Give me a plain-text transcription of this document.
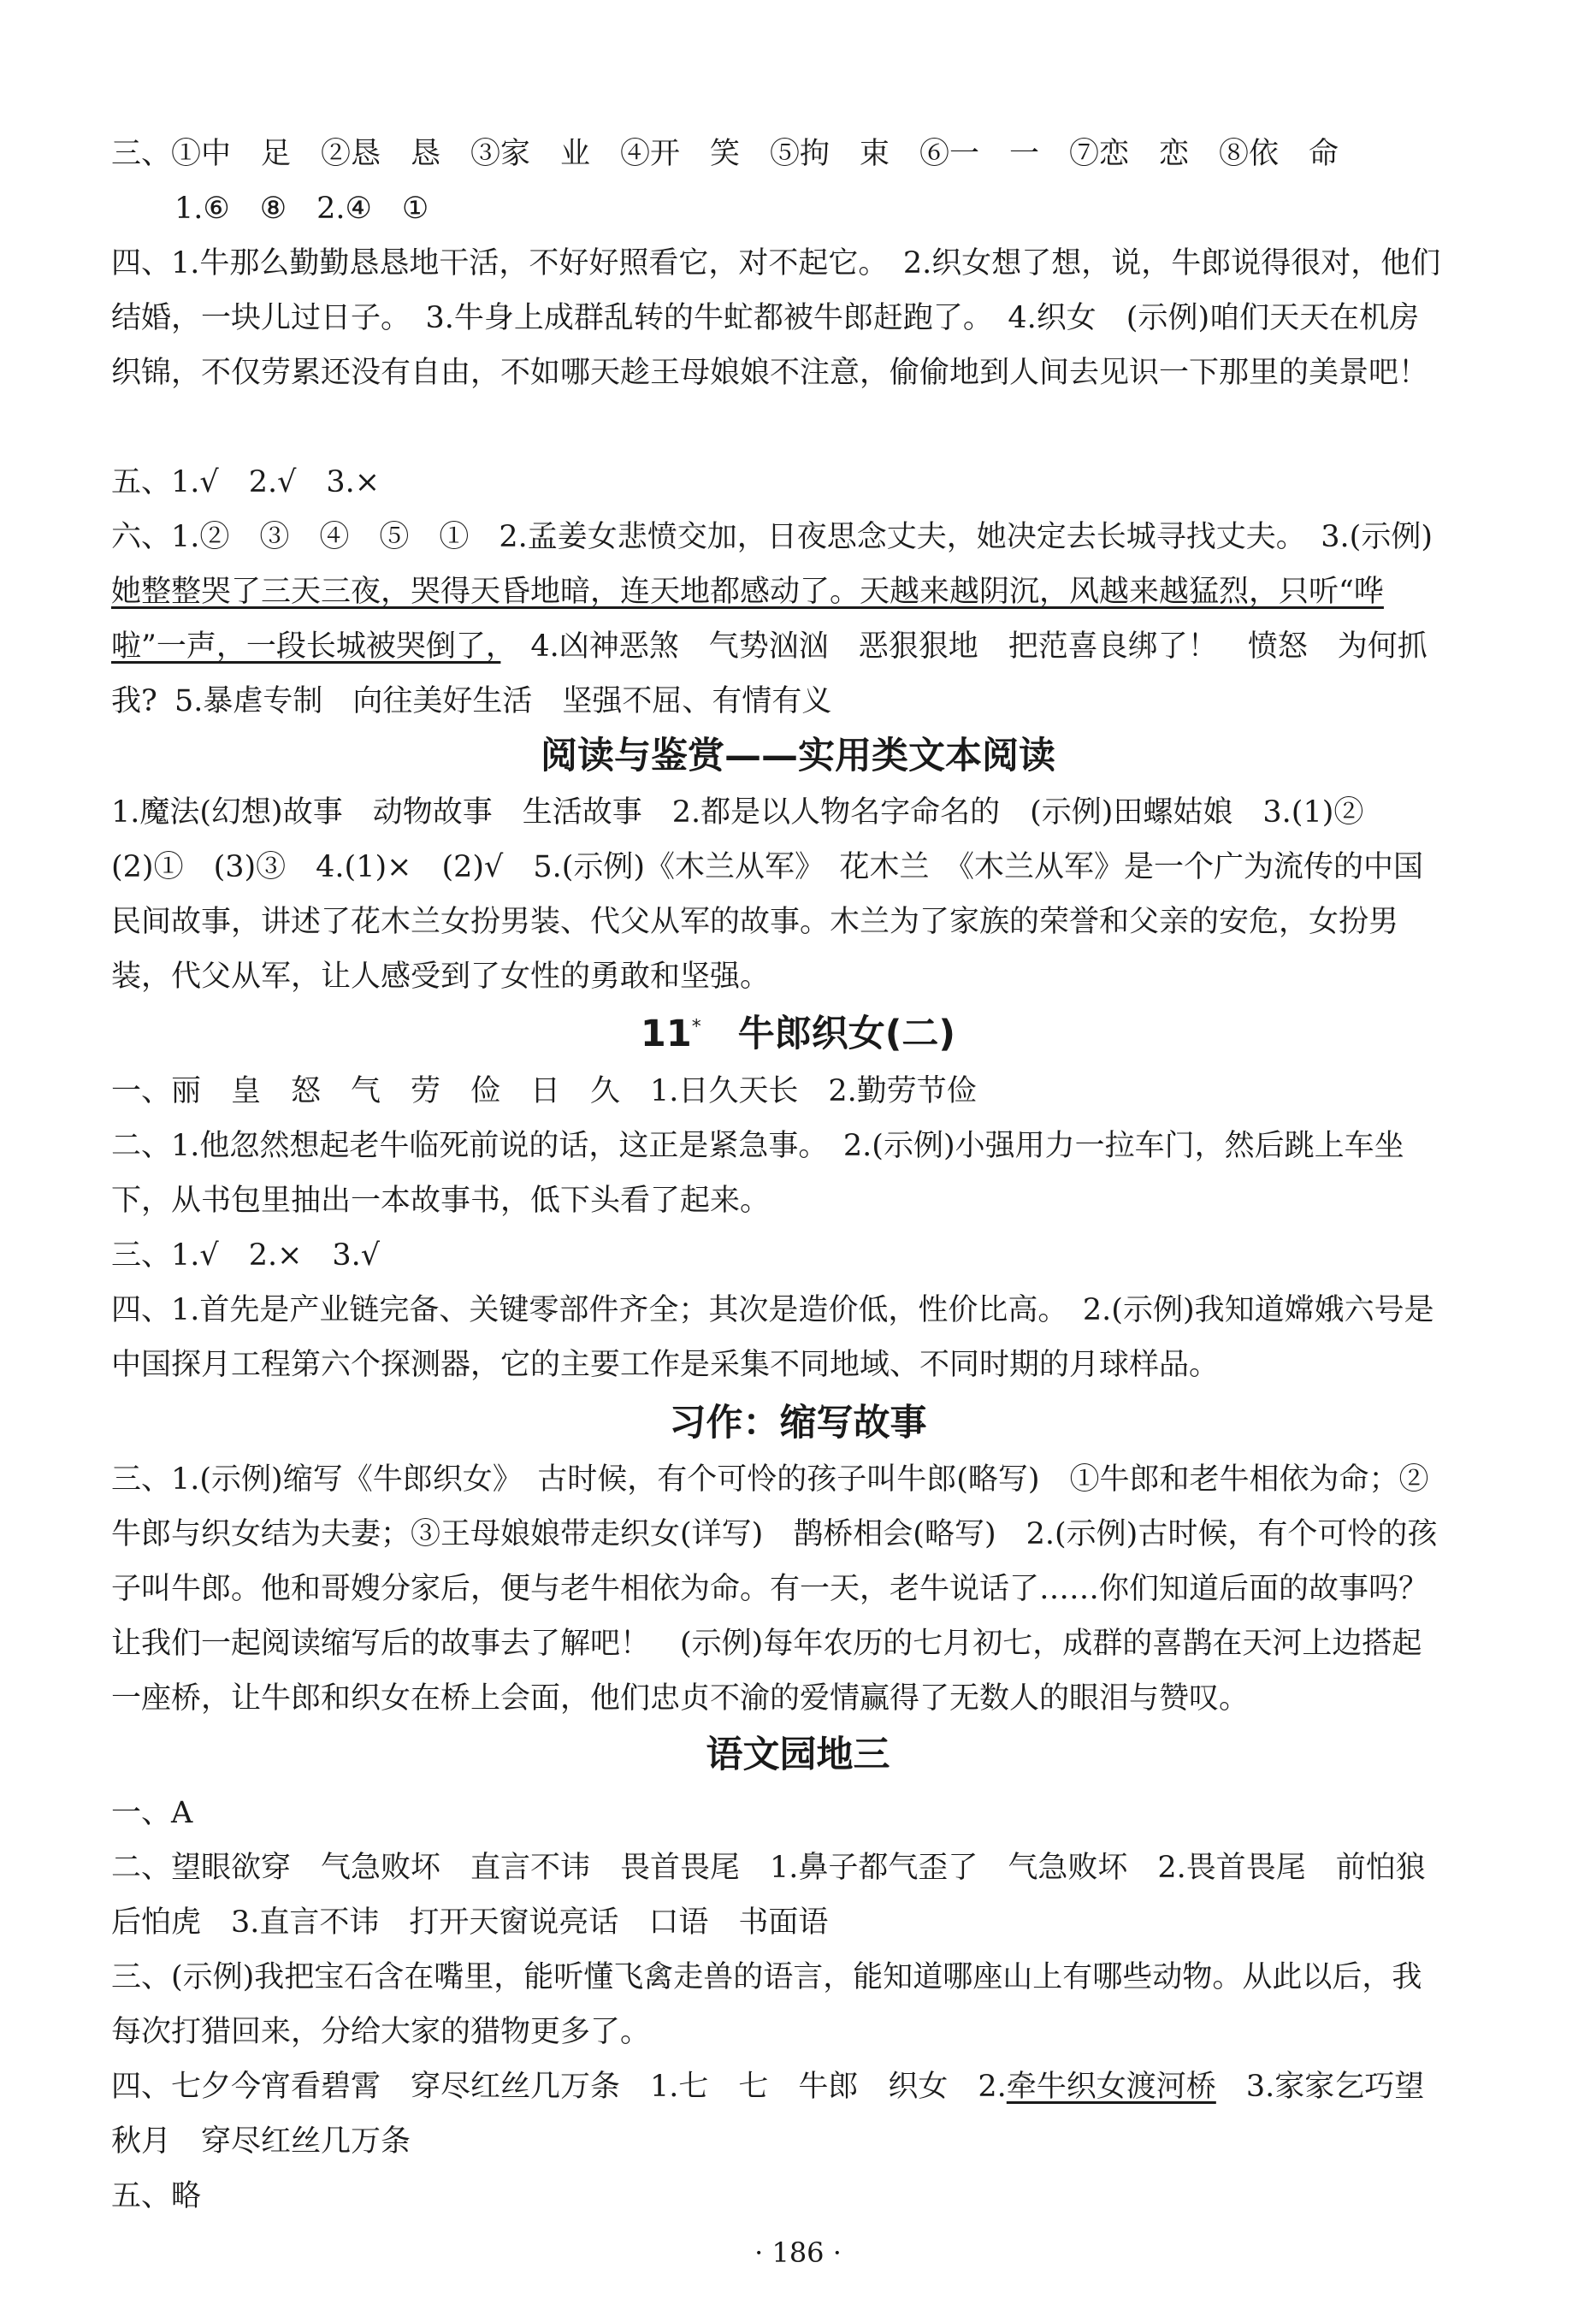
三、①中　足　②恳　恳　③家　业　④开　笑　⑤拘　束　⑥一　一　⑦恋　恋　⑧依　命

1.⑥　⑧　2.④　①

四、1.牛那么勤勤恳恳地干活，不好好照看它，对不起它。　2.织女想了想，说，牛郎说得很对，他们结婚，一块儿过日子。　3.牛身上成群乱转的牛虻都被牛郎赶跑了。　4.织女　(示例)咱们天天在机房织锦，不仅劳累还没有自由，不如哪天趁王母娘娘不注意，偷偷地到人间去见识一下那里的美景吧！

五、1.√　2.√　3.×

六、1.②　③　④　⑤　①　2.孟姜女悲愤交加，日夜思念丈夫，她决定去长城寻找丈夫。　3.(示例)她整整哭了三天三夜，哭得天昏地暗，连天地都感动了。天越来越阴沉，风越来越猛烈，只听“哗啦”一声，一段长城被哭倒了，　4.凶神恶煞　气势汹汹　恶狠狠地　把范喜良绑了！　愤怒　为何抓我? 5.暴虐专制　向往美好生活　坚强不屈、有情有义

阅读与鉴赏——实用类文本阅读

1.魔法(幻想)故事　动物故事　生活故事　2.都是以人物名字命名的　(示例)田螺姑娘　3.(1)②　(2)①　(3)③　4.(1)×　(2)√　5.(示例)《木兰从军》　花木兰　《木兰从军》是一个广为流传的中国民间故事，讲述了花木兰女扮男装、代父从军的故事。木兰为了家族的荣誉和父亲的安危，女扮男装，代父从军，让人感受到了女性的勇敢和坚强。

11*　 牛郎织女(二)

一、丽　皇　怒　气　劳　俭　日　久　1.日久天长　2.勤劳节俭

二、1.他忽然想起老牛临死前说的话，这正是紧急事。　2.(示例)小强用力一拉车门，然后跳上车坐下，从书包里抽出一本故事书，低下头看了起来。

三、1.√　2.×　3.√

四、1.首先是产业链完备、关键零部件齐全；其次是造价低，性价比高。　2.(示例)我知道嫦娥六号是中国探月工程第六个探测器，它的主要工作是采集不同地域、不同时期的月球样品。

习作：缩写故事

三、1.(示例)缩写《牛郎织女》　古时候，有个可怜的孩子叫牛郎(略写)　①牛郎和老牛相依为命；②牛郎与织女结为夫妻；③王母娘娘带走织女(详写)　鹊桥相会(略写)　2.(示例)古时候，有个可怜的孩子叫牛郎。他和哥嫂分家后，便与老牛相依为命。有一天，老牛说话了……你们知道后面的故事吗？让我们一起阅读缩写后的故事去了解吧！　(示例)每年农历的七月初七，成群的喜鹊在天河上边搭起一座桥，让牛郎和织女在桥上会面，他们忠贞不渝的爱情赢得了无数人的眼泪与赞叹。

语文园地三

一、A

二、望眼欲穿　气急败坏　直言不讳　畏首畏尾　1.鼻子都气歪了　气急败坏　2.畏首畏尾　前怕狼后怕虎　3.直言不讳　打开天窗说亮话　口语　书面语

三、(示例)我把宝石含在嘴里，能听懂飞禽走兽的语言，能知道哪座山上有哪些动物。从此以后，我每次打猎回来，分给大家的猎物更多了。

四、七夕今宵看碧霄　穿尽红丝几万条　1.七　七　牛郎　织女　2.牵牛织女渡河桥　3.家家乞巧望秋月　穿尽红丝几万条

五、略

· 186 ·
